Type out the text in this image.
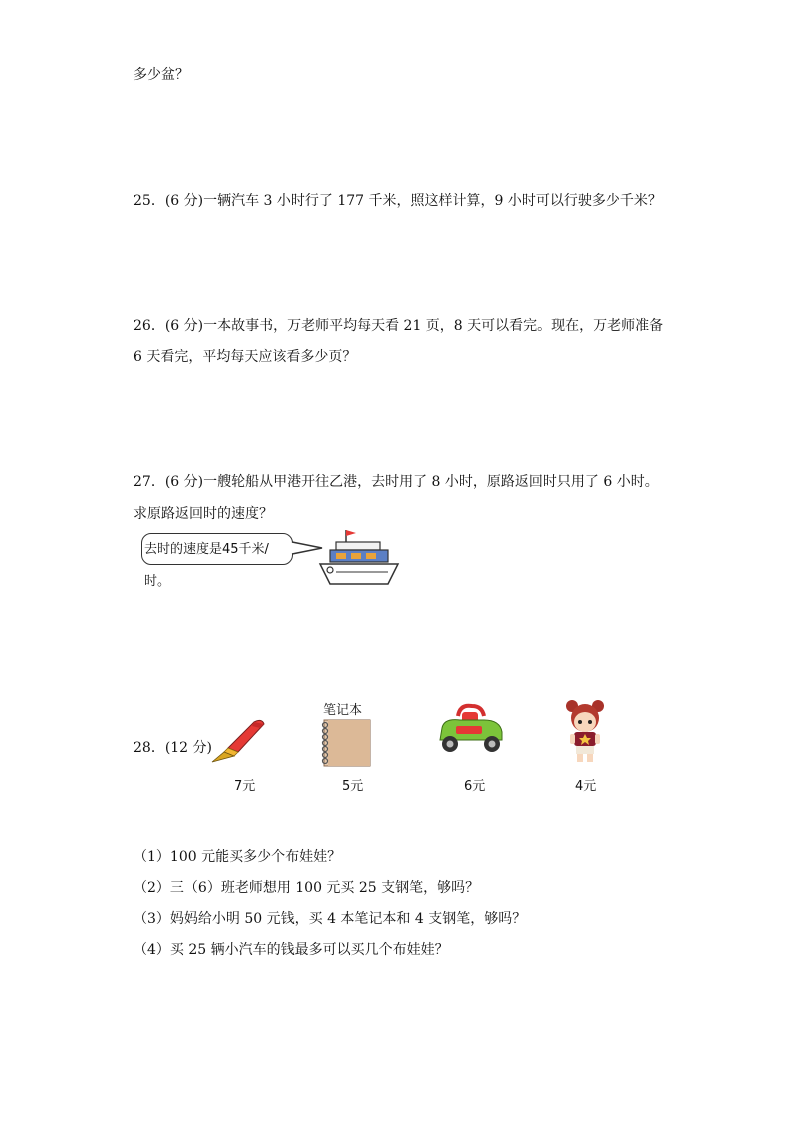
多少盆？
25．(6 分)一辆汽车 3 小时行了 177 千米，照这样计算，9 小时可以行驶多少千米？
26．(6 分)一本故事书，万老师平均每天看 21 页，8 天可以看完。现在，万老师准备
6 天看完，平均每天应该看多少页？
27．(6 分)一艘轮船从甲港开往乙港，去时用了 8 小时，原路返回时只用了 6 小时。
求原路返回时的速度？
去时的速度是45千米/时。
28．(12 分)
笔记本
7元	5元	6元	4元
（1）100 元能买多少个布娃娃？
（2）三（6）班老师想用 100 元买 25 支钢笔，够吗？
（3）妈妈给小明 50 元钱，买 4 本笔记本和 4 支钢笔，够吗？
（4）买 25 辆小汽车的钱最多可以买几个布娃娃？
